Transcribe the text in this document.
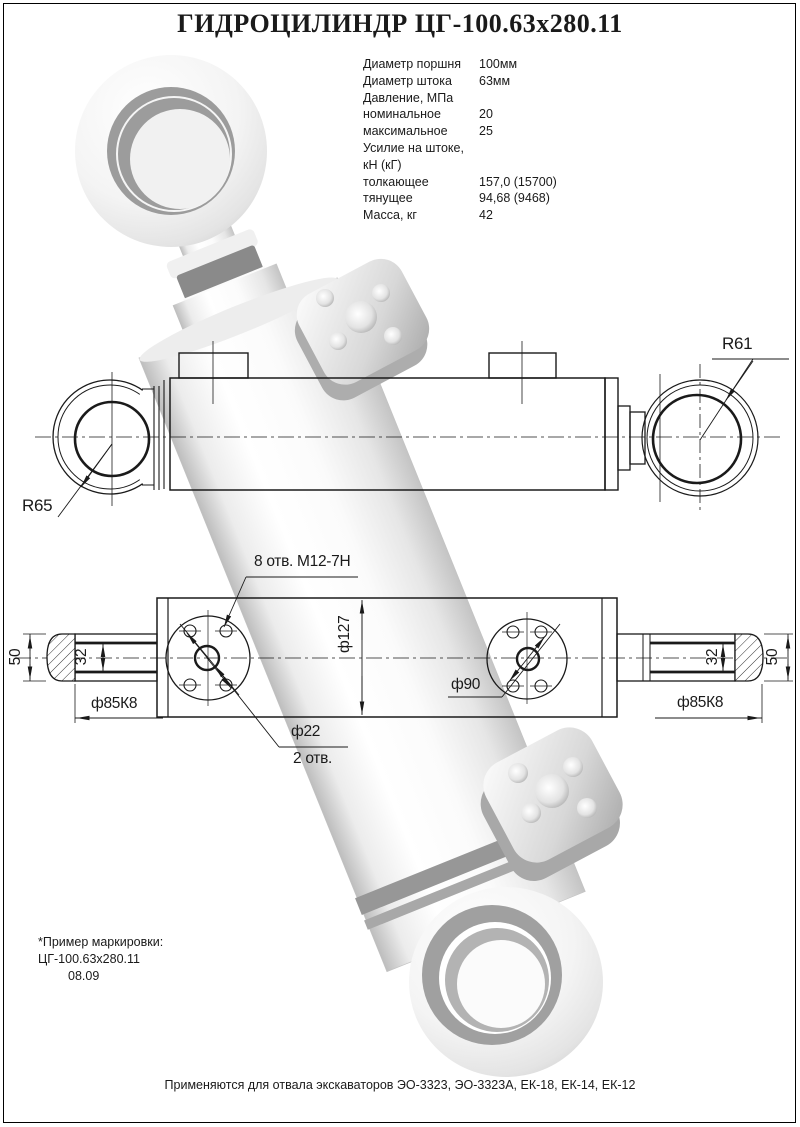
ГИДРОЦИЛИНДР ЦГ-100.63х280.11
Диаметр поршня	100мм
Диаметр штока	63мм
Давление, МПа
номинальное	20
максимальное	25
Усилие на штоке, кН (кГ)
толкающее	157,0 (15700)
тянущее	94,68 (9468)
Масса, кг	42
R65
R61
8 отв. М12-7Н
ф127
ф90
ф22
2 отв.
ф85К8	ф85К8
50	32	32	50
*Пример маркировки:
ЦГ-100.63х280.11
08.09
Применяются для отвала экскаваторов ЭО-3323, ЭО-3323А, ЕК-18, ЕК-14, ЕК-12
